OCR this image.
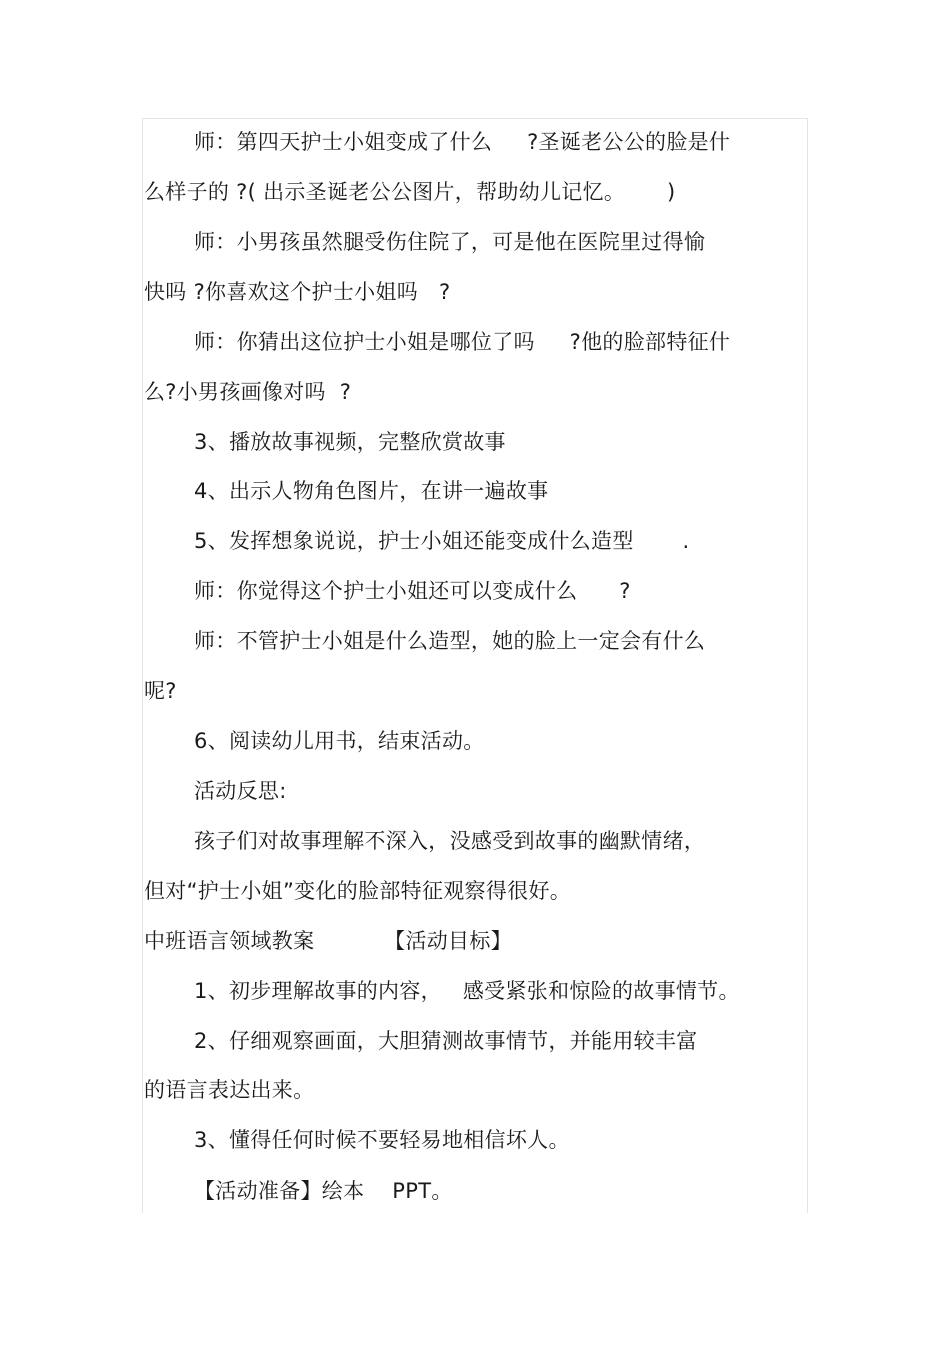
师：第四天护士小姐变成了什么     ?圣诞老公公的脸是什
么样子的 ?( 出示圣诞老公公图片，帮助幼儿记忆。      )
师：小男孩虽然腿受伤住院了，可是他在医院里过得愉
快吗 ?你喜欢这个护士小姐吗   ?
师：你猜出这位护士小姐是哪位了吗     ?他的脸部特征什
么?小男孩画像对吗  ?
3、播放故事视频，完整欣赏故事
4、出示人物角色图片，在讲一遍故事
5、发挥想象说说，护士小姐还能变成什么造型       .
师：你觉得这个护士小姐还可以变成什么      ?
师：不管护士小姐是什么造型，她的脸上一定会有什么
呢?
6、阅读幼儿用书，结束活动。
活动反思:
孩子们对故事理解不深入，没感受到故事的幽默情绪，
但对“护士小姐”变化的脸部特征观察得很好。
中班语言领域教案          【活动目标】
1、初步理解故事的内容，   感受紧张和惊险的故事情节。
2、仔细观察画面，大胆猜测故事情节，并能用较丰富
的语言表达出来。
3、懂得任何时候不要轻易地相信坏人。
【活动准备】绘本    PPT。
